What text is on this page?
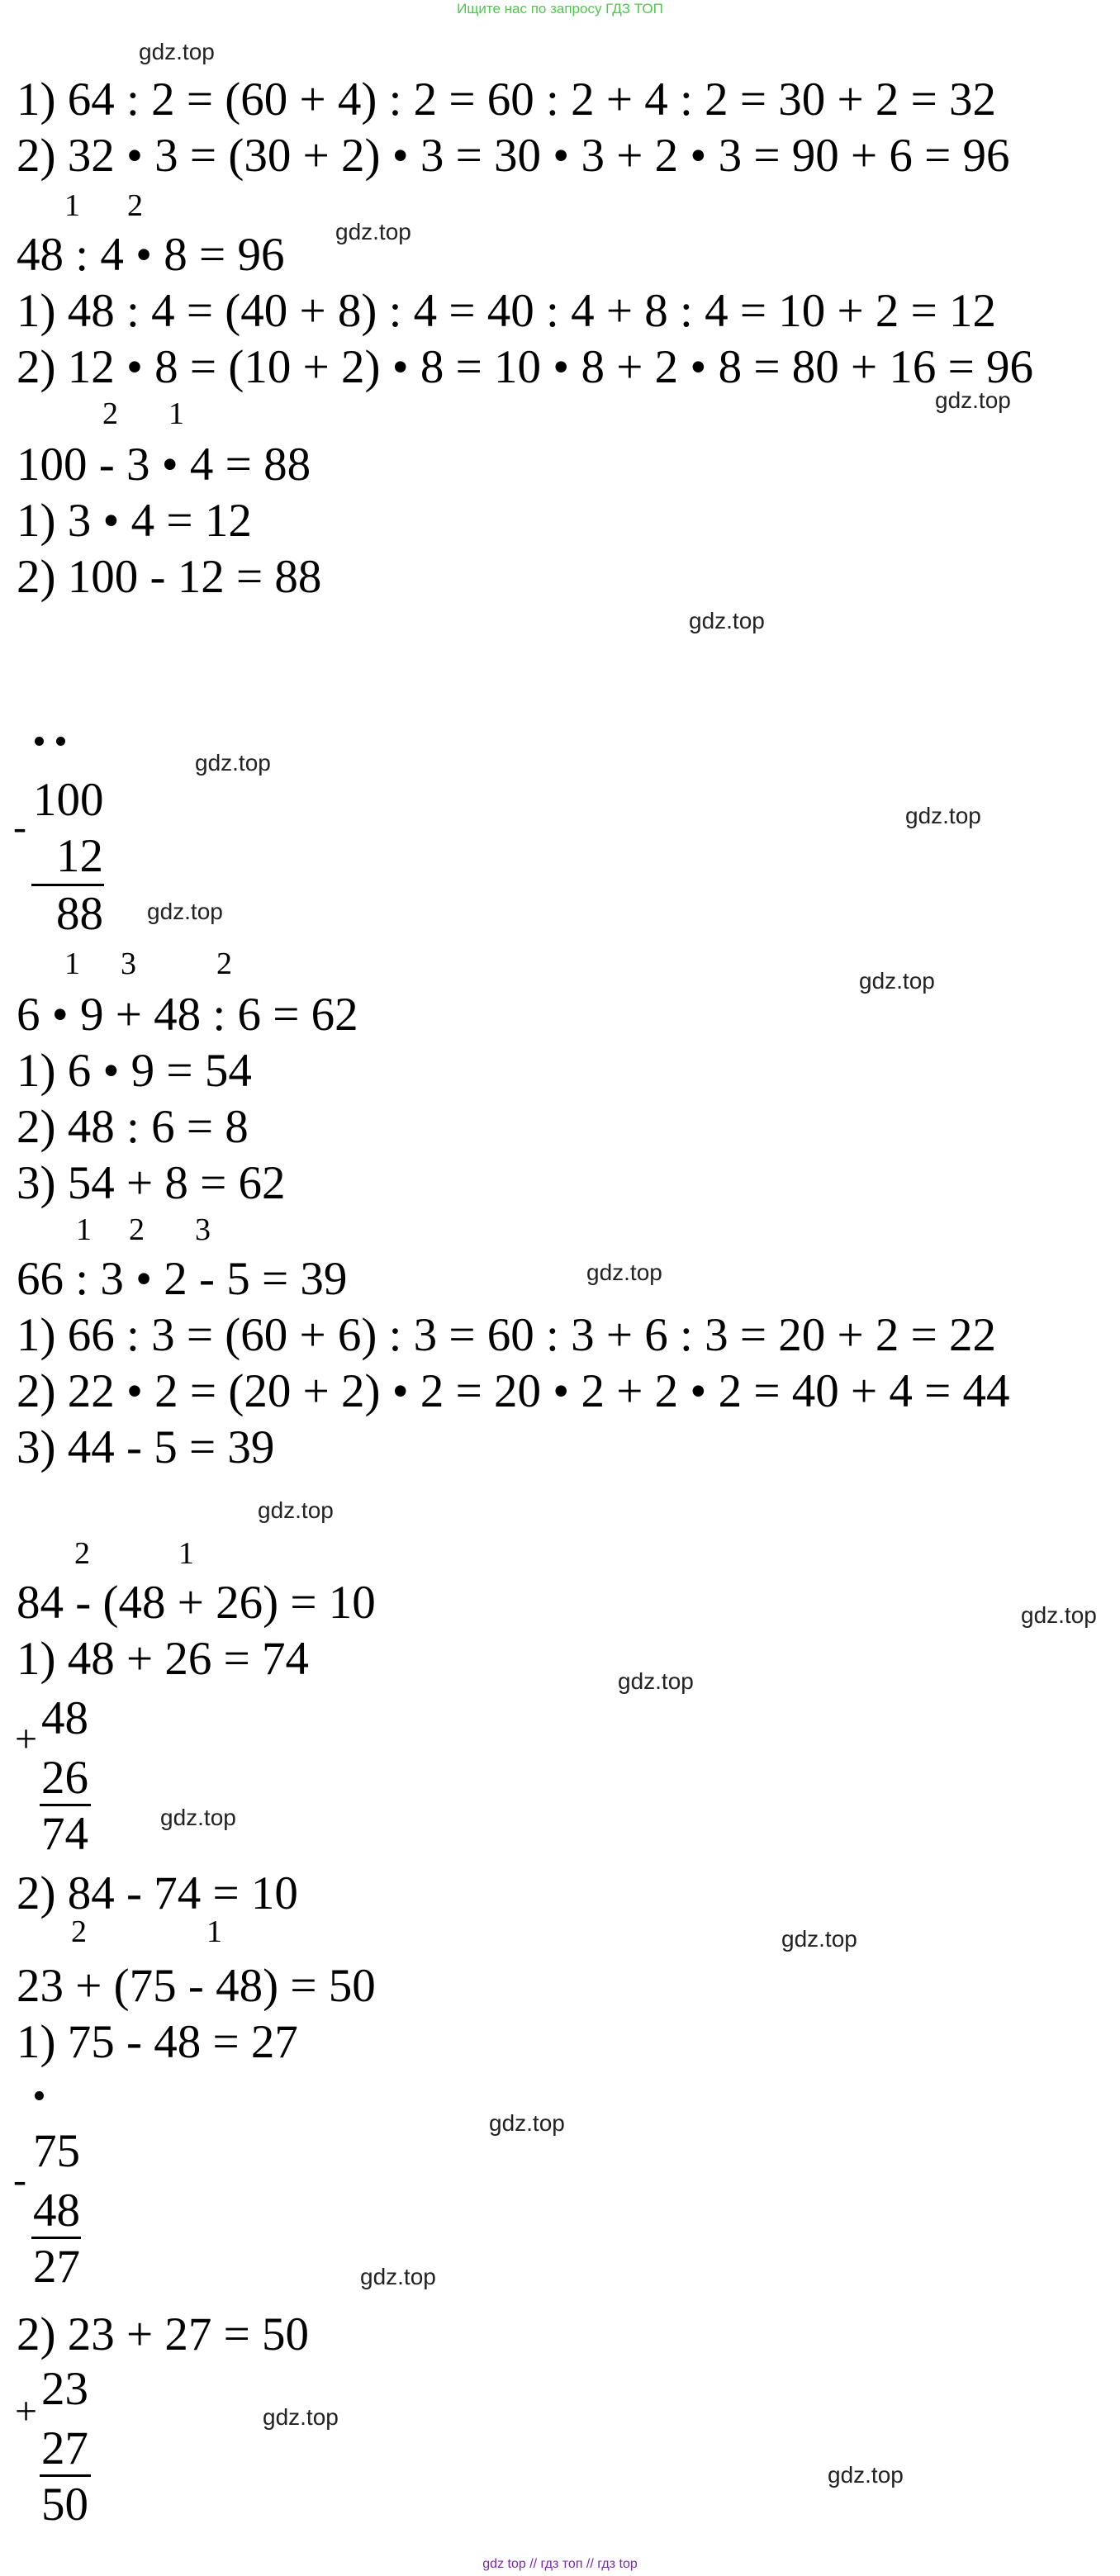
Ищите нас по запросу ГДЗ ТОП
gdz.top
gdz.top
gdz.top
gdz.top
gdz.top
gdz.top
gdz.top
gdz.top
gdz.top
gdz.top
gdz.top
gdz.top
gdz.top
gdz.top
gdz.top
gdz.top
gdz.top
gdz.top
1) 64 : 2 = (60 + 4) : 2 = 60 : 2 + 4 : 2 = 30 + 2 = 32
2) 32 • 3 = (30 + 2) • 3 = 30 • 3 + 2 • 3 = 90 + 6 = 96
1 2
48 : 4 • 8 = 96
1) 48 : 4 = (40 + 8) : 4 = 40 : 4 + 8 : 4 = 10 + 2 = 12
2) 12 • 8 = (10 + 2) • 8 = 10 • 8 + 2 • 8 = 80 + 16 = 96
2 1
100 - 3 • 4 = 88
1) 3 • 4 = 12
2) 100 - 12 = 88
100
-
12
88
1 3	2
6 • 9 + 48 : 6 = 62
1) 6 • 9 = 54
2) 48 : 6 = 8
3) 54 + 8 = 62
1 2 3
66 : 3 • 2 - 5 = 39
1) 66 : 3 = (60 + 6) : 3 = 60 : 3 + 6 : 3 = 20 + 2 = 22
2) 22 • 2 = (20 + 2) • 2 = 20 • 2 + 2 • 2 = 40 + 4 = 44
3) 44 - 5 = 39
2	1
84 - (48 + 26) = 10
1) 48 + 26 = 74
48
+
26
74
2) 84 - 74 = 10
2	1
23 + (75 - 48) = 50
1) 75 - 48 = 27
75
-
48
27
2) 23 + 27 = 50
23
+
27
50
gdz top // гдз топ // гдз top
